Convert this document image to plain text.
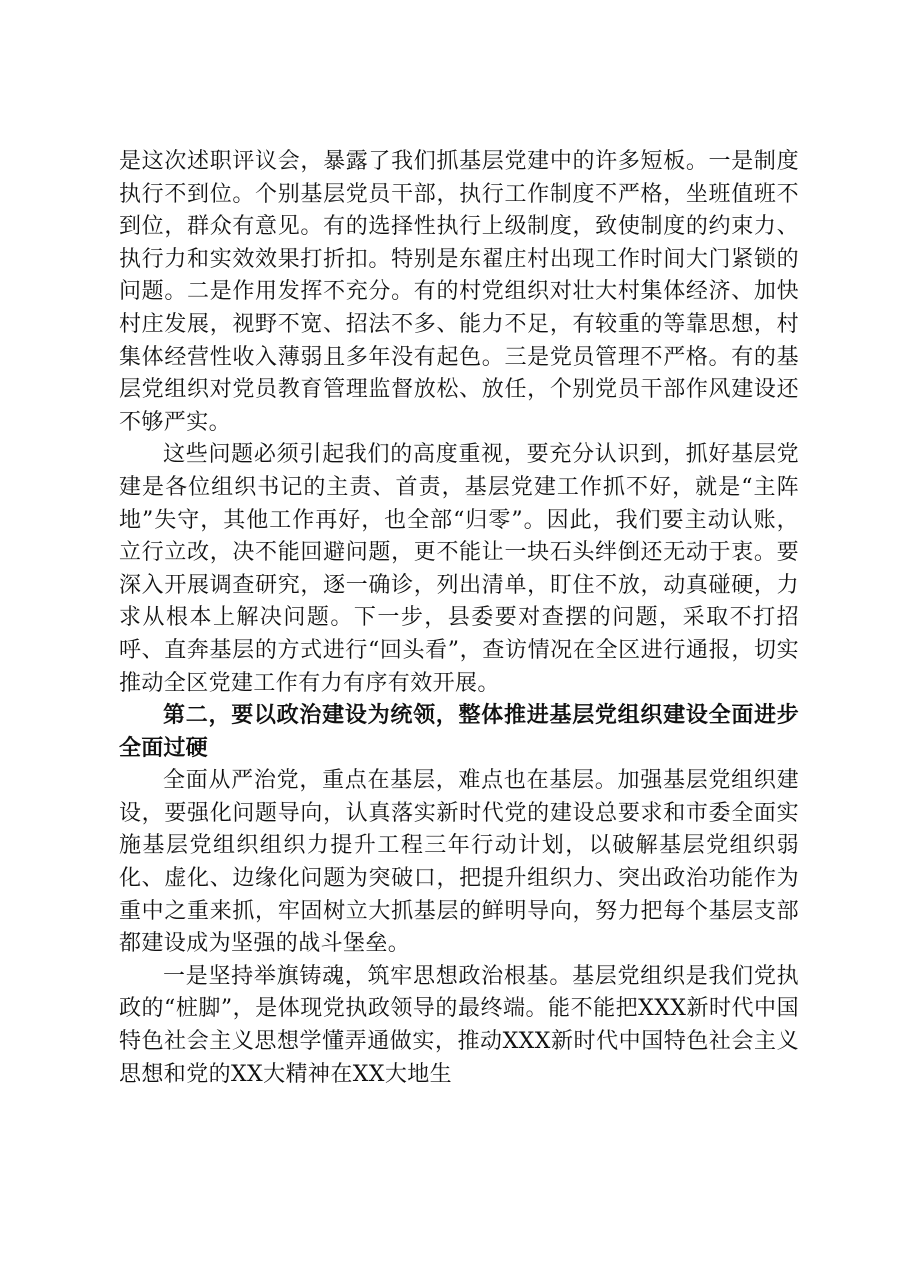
是这次述职评议会，暴露了我们抓基层党建中的许多短板。一是制度执行不到位。个别基层党员干部，执行工作制度不严格，坐班值班不到位，群众有意见。有的选择性执行上级制度，致使制度的约束力、执行力和实效效果打折扣。特别是东翟庄村出现工作时间大门紧锁的问题。二是作用发挥不充分。有的村党组织对壮大村集体经济、加快村庄发展，视野不宽、招法不多、能力不足，有较重的等靠思想，村集体经营性收入薄弱且多年没有起色。三是党员管理不严格。有的基层党组织对党员教育管理监督放松、放任，个别党员干部作风建设还不够严实。

这些问题必须引起我们的高度重视，要充分认识到，抓好基层党建是各位组织书记的主责、首责，基层党建工作抓不好，就是“主阵地”失守，其他工作再好，也全部“归零”。因此，我们要主动认账，立行立改，决不能回避问题，更不能让一块石头绊倒还无动于衷。要深入开展调查研究，逐一确诊，列出清单，盯住不放，动真碰硬，力求从根本上解决问题。下一步，县委要对查摆的问题，采取不打招呼、直奔基层的方式进行“回头看”，查访情况在全区进行通报，切实推动全区党建工作有力有序有效开展。

第二，要以政治建设为统领，整体推进基层党组织建设全面进步全面过硬

全面从严治党，重点在基层，难点也在基层。加强基层党组织建设，要强化问题导向，认真落实新时代党的建设总要求和市委全面实施基层党组织组织力提升工程三年行动计划，以破解基层党组织弱化、虚化、边缘化问题为突破口，把提升组织力、突出政治功能作为重中之重来抓，牢固树立大抓基层的鲜明导向，努力把每个基层支部都建设成为坚强的战斗堡垒。

一是坚持举旗铸魂，筑牢思想政治根基。基层党组织是我们党执政的“桩脚”，是体现党执政领导的最终端。能不能把XXX新时代中国特色社会主义思想学懂弄通做实，推动XXX新时代中国特色社会主义思想和党的XX大精神在XX大地生
